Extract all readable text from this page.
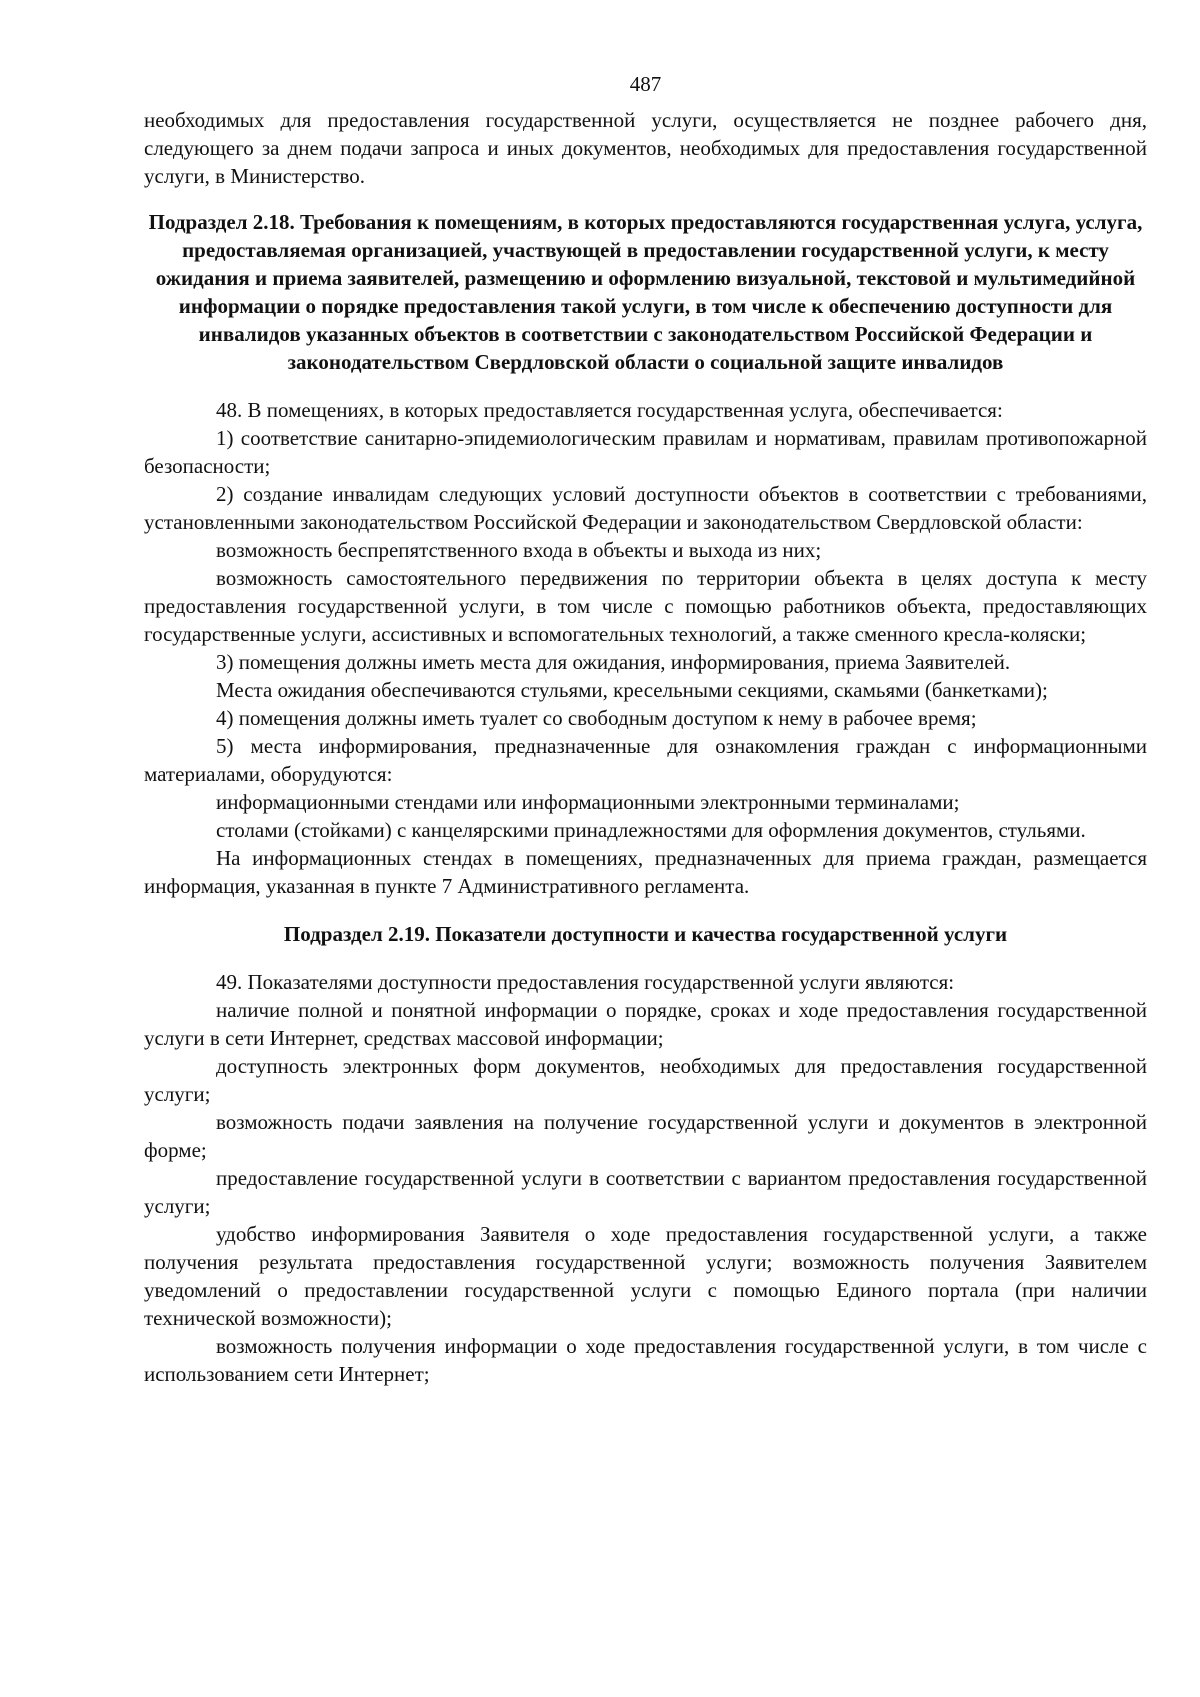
487

необходимых для предоставления государственной услуги, осуществляется не позднее рабочего дня, следующего за днем подачи запроса и иных документов, необходимых для предоставления государственной услуги, в Министерство.

Подраздел 2.18. Требования к помещениям, в которых предоставляются государственная услуга, услуга, предоставляемая организацией, участвующей в предоставлении государственной услуги, к месту ожидания и приема заявителей, размещению и оформлению визуальной, текстовой и мультимедийной информации о порядке предоставления такой услуги, в том числе к обеспечению доступности для инвалидов указанных объектов в соответствии с законодательством Российской Федерации и законодательством Свердловской области о социальной защите инвалидов

48. В помещениях, в которых предоставляется государственная услуга, обеспечивается:

1) соответствие санитарно-эпидемиологическим правилам и нормативам, правилам противопожарной безопасности;

2) создание инвалидам следующих условий доступности объектов в соответствии с требованиями, установленными законодательством Российской Федерации и законодательством Свердловской области:

возможность беспрепятственного входа в объекты и выхода из них;

возможность самостоятельного передвижения по территории объекта в целях доступа к месту предоставления государственной услуги, в том числе с помощью работников объекта, предоставляющих государственные услуги, ассистивных и вспомогательных технологий, а также сменного кресла-коляски;

3) помещения должны иметь места для ожидания, информирования, приема Заявителей.

Места ожидания обеспечиваются стульями, кресельными секциями, скамьями (банкетками);

4) помещения должны иметь туалет со свободным доступом к нему в рабочее время;

5) места информирования, предназначенные для ознакомления граждан с информационными материалами, оборудуются:

информационными стендами или информационными электронными терминалами;

столами (стойками) с канцелярскими принадлежностями для оформления документов, стульями.

На информационных стендах в помещениях, предназначенных для приема граждан, размещается информация, указанная в пункте 7 Административного регламента.

Подраздел 2.19. Показатели доступности и качества государственной услуги

49. Показателями доступности предоставления государственной услуги являются:

наличие полной и понятной информации о порядке, сроках и ходе предоставления государственной услуги в сети Интернет, средствах массовой информации;

доступность электронных форм документов, необходимых для предоставления государственной услуги;

возможность подачи заявления на получение государственной услуги и документов в электронной форме;

предоставление государственной услуги в соответствии с вариантом предоставления государственной услуги;

удобство информирования Заявителя о ходе предоставления государственной услуги, а также получения результата предоставления государственной услуги; возможность получения Заявителем уведомлений о предоставлении государственной услуги с помощью Единого портала (при наличии технической возможности);

возможность получения информации о ходе предоставления государственной услуги, в том числе с использованием сети Интернет;
